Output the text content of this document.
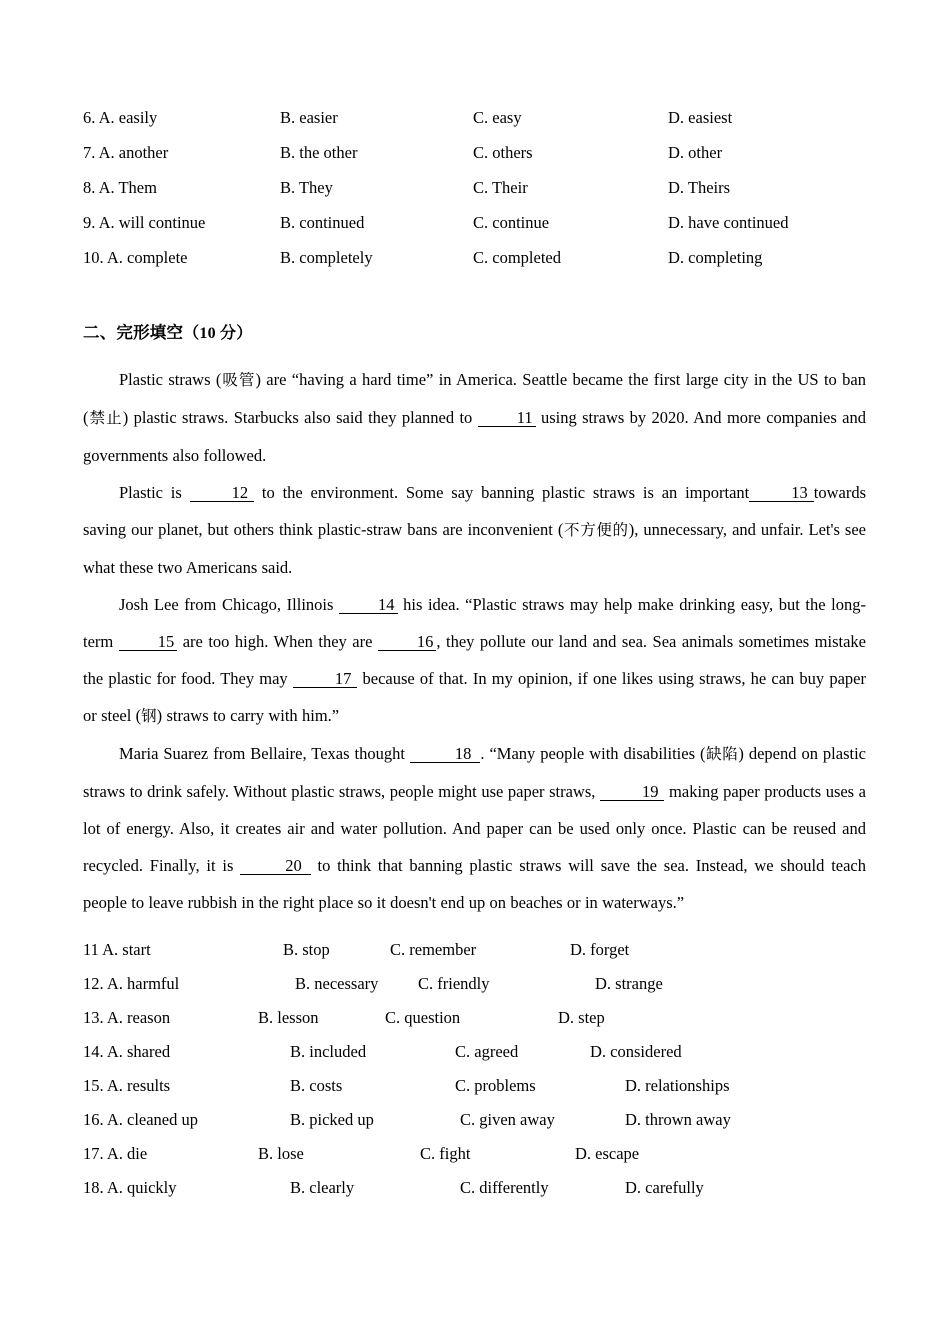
6. A. easily	B. easier	C. easy	D. easiest
7. A. another	B. the other	C. others	D. other
8. A. Them	B. They	C. Their	D. Theirs
9. A. will continue	B. continued	C. continue	D. have continued
10. A. complete	B. completely	C. completed	D. completing
二、完形填空（10 分）

Plastic straws (吸管) are “having a hard time” in America. Seattle became the first large city in the US to ban (禁止) plastic straws. Starbucks also said they planned to 11 using straws by 2020. And more companies and governments also followed.

Plastic is	12 to the environment. Some say banning plastic straws is an important	13 towards saving our planet, but others think plastic-straw bans are inconvenient (不方便的), unnecessary, and unfair. Let's see what these two Americans said.

Josh Lee from Chicago, Illinois 14 his idea. “Plastic straws may help make drinking easy, but the long-term 15 are too high. When they are 16 , they pollute our land and sea. Sea animals sometimes mistake the plastic for food. They may	17 because of that. In my opinion, if one likes using straws, he can buy paper or steel (钢) straws to carry with him.”

Maria Suarez from Bellaire, Texas thought	18 . “Many people with disabilities (缺陷) depend on plastic straws to drink safely. Without plastic straws, people might use paper straws,	19 making paper products uses a lot of energy. Also, it creates air and water pollution. And paper can be used only once. Plastic can be reused and recycled. Finally, it is	20 to think that banning plastic straws will save the sea. Instead, we should teach people to leave rubbish in the right place so it doesn't end up on beaches or in waterways.”

11 A. start	B. stop	C. remember	D. forget
12. A. harmful	B. necessary C. friendly	D. strange
13. A. reason	B. lesson	C. question	D. step
14. A. shared	B. included	C. agreed	D. considered
15. A. results	B. costs	C. problems	D. relationships
16. A. cleaned up	B. picked up	C. given away	D. thrown away
17. A. die	B. lose	C. fight	D. escape
18. A. quickly	B. clearly	C. differently	D. carefully
